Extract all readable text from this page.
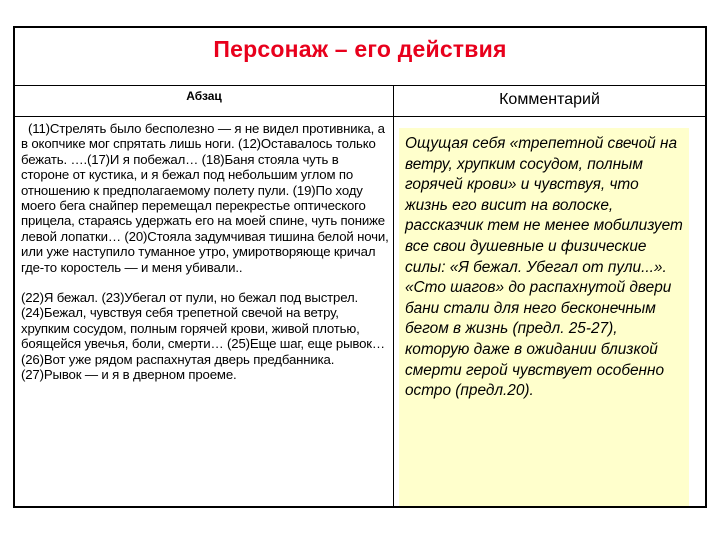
Персонаж – его действия
Абзац	Комментарий

(11)Стрелять было бесполезно — я не видел противника, а в окопчике мог спрятать лишь ноги. (12)Оставалось только бежать. ….(17)И я побежал… (18)Баня стояла чуть в стороне от кустика, и я бежал под небольшим углом по отношению к предполагаемому полету пули. (19)По ходу моего бега снайпер перемещал перекрестье оптического прицела, стараясь удержать его на моей спине, чуть пониже левой лопатки… (20)Стояла задумчивая тишина белой ночи, или уже наступило туманное утро, умиротворяюще кричал где-то коростель — и меня убивали..

(22)Я бежал. (23)Убегал от пули, но бежал под выстрел. (24)Бежал, чувствуя себя трепетной свечой на ветру, хрупким сосудом, полным горячей крови, живой плотью, боящейся увечья, боли, смерти… (25)Еще шаг, еще рывок… (26)Вот уже рядом распахнутая дверь предбанника. (27)Рывок — и я в дверном проеме.

Ощущая себя «трепетной свечой на ветру, хрупким сосудом, полным горячей крови» и чувствуя, что жизнь его висит на волоске, рассказчик тем не менее мобилизует все свои душевные и физические силы: «Я бежал. Убегал от пули...». «Сто шагов» до распахнутой двери бани стали для него бесконечным бегом в жизнь (предл. 25-27), которую даже в ожидании близкой смерти герой чувствует особенно остро (предл.20).
